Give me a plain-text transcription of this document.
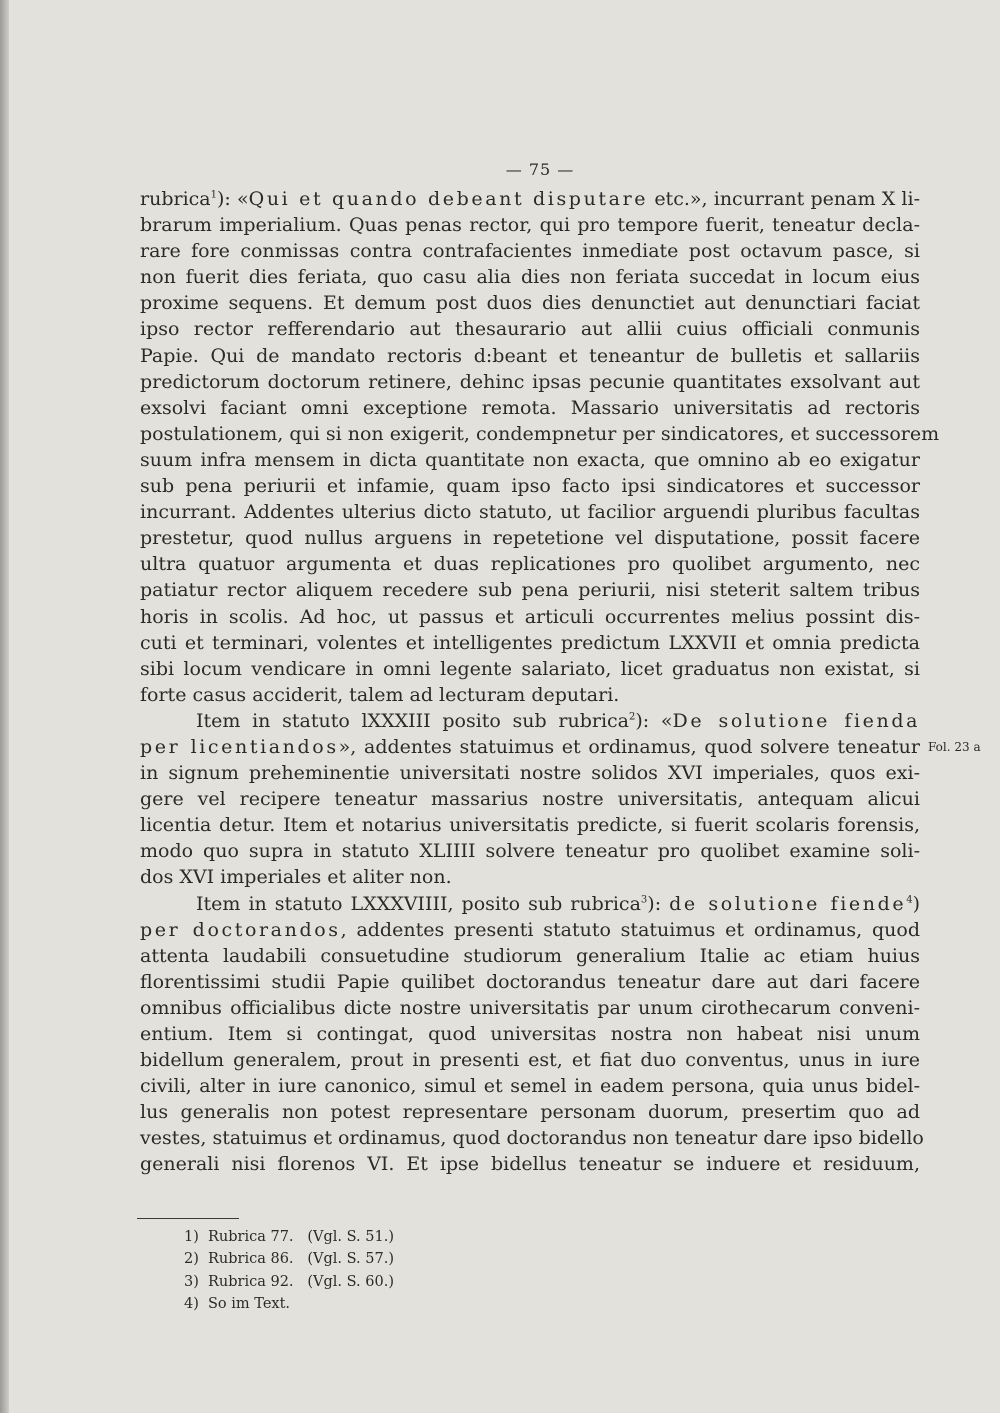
— 75 —
rubrica$^1$): «Qui et quando debeant disputare etc.», incurrant penam X li-
brarum imperialium. Quas penas rector, qui pro tempore fuerit, teneatur decla-
rare fore conmissas contra contrafacientes inmediate post octavum pasce, si
non fuerit dies feriata, quo casu alia dies non feriata succedat in locum eius
proxime sequens. Et demum post duos dies denunctiet aut denunctiari faciat
ipso rector refferendario aut thesaurario aut allii cuius officiali conmunis
Papie. Qui de mandato rectoris d:beant et teneantur de bulletis et sallariis
predictorum doctorum retinere, dehinc ipsas pecunie quantitates exsolvant aut
exsolvi faciant omni exceptione remota. Massario universitatis ad rectoris
postulationem, qui si non exigerit, condempnetur per sindicatores, et successorem
suum infra mensem in dicta quantitate non exacta, que omnino ab eo exigatur
sub pena periurii et infamie, quam ipso facto ipsi sindicatores et successor
incurrant. Addentes ulterius dicto statuto, ut facilior arguendi pluribus facultas
prestetur, quod nullus arguens in repetetione vel disputatione, possit facere
ultra quatuor argumenta et duas replicationes pro quolibet argumento, nec
patiatur rector aliquem recedere sub pena periurii, nisi steterit saltem tribus
horis in scolis. Ad hoc, ut passus et articuli occurrentes melius possint dis-
cuti et terminari, volentes et intelligentes predictum LXXVII et omnia predicta
sibi locum vendicare in omni legente salariato, licet graduatus non existat, si
forte casus acciderit, talem ad lecturam deputari.
Item in statuto lXXXIII posito sub rubrica$^2$): «De solutione fienda
per licentiandos», addentes statuimus et ordinamus, quod solvere teneatur
in signum preheminentie universitati nostre solidos XVI imperiales, quos exi-
gere vel recipere teneatur massarius nostre universitatis, antequam alicui
licentia detur. Item et notarius universitatis predicte, si fuerit scolaris forensis,
modo quo supra in statuto XLIIII solvere teneatur pro quolibet examine soli-
dos XVI imperiales et aliter non.
Item in statuto LXXXVIIII, posito sub rubrica$^3$): de solutione fiende$^4$)
per doctorandos, addentes presenti statuto statuimus et ordinamus, quod
attenta laudabili consuetudine studiorum generalium Italie ac etiam huius
florentissimi studii Papie quilibet doctorandus teneatur dare aut dari facere
omnibus officialibus dicte nostre universitatis par unum cirothecarum conveni-
entium. Item si contingat, quod universitas nostra non habeat nisi unum
bidellum generalem, prout in presenti est, et fiat duo conventus, unus in iure
civili, alter in iure canonico, simul et semel in eadem persona, quia unus bidel-
lus generalis non potest representare personam duorum, presertim quo ad
vestes, statuimus et ordinamus, quod doctorandus non teneatur dare ipso bidello
generali nisi florenos VI. Et ipse bidellus teneatur se induere et residuum,
Fol. 23 a
1) Rubrica 77.   (Vgl. S. 51.)
2) Rubrica 86.   (Vgl. S. 57.)
3) Rubrica 92.   (Vgl. S. 60.)
4) So im Text.
